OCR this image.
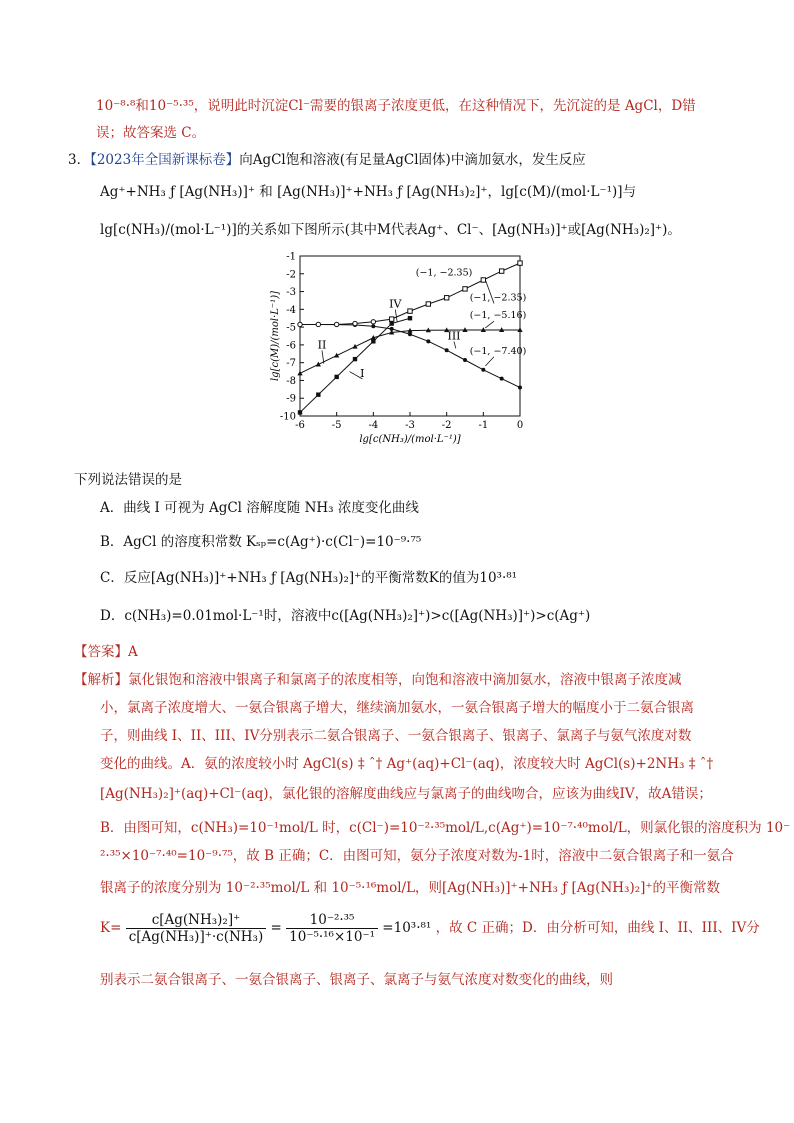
10⁻⁸·⁸和10⁻⁵·³⁵，说明此时沉淀Cl⁻需要的银离子浓度更低，在这种情况下，先沉淀的是 AgCl，D错
误；故答案选 C。
3．【2023年全国新课标卷】向AgCl饱和溶液(有足量AgCl固体)中滴加氨水，发生反应
Ag⁺+NH₃ ƒ [Ag(NH₃)]⁺ 和 [Ag(NH₃)]⁺+NH₃ ƒ [Ag(NH₃)₂]⁺，lg[c(M)/(mol·L⁻¹)]与
lg[c(NH₃)/(mol·L⁻¹)]的关系如下图所示(其中M代表Ag⁺、Cl⁻、[Ag(NH₃)]⁺或[Ag(NH₃)₂]⁺)。
-1
-2
-3
-4
-5
-6
-7
-8
-9
-10
-6	-5	-4	-3	-2	-1	0
lg[c(NH₃)/(mol·L⁻¹)]
lg[c(M)/(mol·L⁻¹)]	I
II
III
IV
(−1, −2.35)
(−1, −2.35)
(−1, −5.16)
(−1, −7.40)
下列说法错误的是
A．曲线 I 可视为 AgCl 溶解度随 NH₃ 浓度变化曲线
B．AgCl 的溶度积常数 Kₛₚ=c(Ag⁺)·c(Cl⁻)=10⁻⁹·⁷⁵
C．反应[Ag(NH₃)]⁺+NH₃ ƒ [Ag(NH₃)₂]⁺的平衡常数K的值为10³·⁸¹
D．c(NH₃)=0.01mol·L⁻¹时，溶液中c([Ag(NH₃)₂]⁺)>c([Ag(NH₃)]⁺)>c(Ag⁺)
【答案】A
【解析】氯化银饱和溶液中银离子和氯离子的浓度相等，向饱和溶液中滴加氨水，溶液中银离子浓度减
小，氯离子浓度增大、一氨合银离子增大，继续滴加氨水，一氨合银离子增大的幅度小于二氨合银离
子，则曲线 I、II、III、IV分别表示二氨合银离子、一氨合银离子、银离子、氯离子与氨气浓度对数
变化的曲线。A．氨的浓度较小时 AgCl(s) ‡ ˆ† Ag⁺(aq)+Cl⁻(aq)，浓度较大时 AgCl(s)+2NH₃ ‡ ˆ†
[Ag(NH₃)₂]⁺(aq)+Cl⁻(aq)，氯化银的溶解度曲线应与氯离子的曲线吻合，应该为曲线IV，故A错误；
B．由图可知，c(NH₃)=10⁻¹mol/L 时，c(Cl⁻)=10⁻²·³⁵mol/L,c(Ag⁺)=10⁻⁷·⁴⁰mol/L，则氯化银的溶度积为 10⁻
²·³⁵×10⁻⁷·⁴⁰=10⁻⁹·⁷⁵，故 B 正确；C．由图可知，氨分子浓度对数为-1时，溶液中二氨合银离子和一氨合
银离子的浓度分别为 10⁻²·³⁵mol/L 和 10⁻⁵·¹⁶mol/L，则[Ag(NH₃)]⁺+NH₃ ƒ [Ag(NH₃)₂]⁺的平衡常数
$K= \frac{\text{c[Ag(NH₃)₂]⁺}}{\text{c[Ag(NH₃)]⁺·c(NH₃)}} = \frac{\text{10⁻²·³⁵}}{\text{10⁻⁵·¹⁶×10⁻¹}} =10^3\cdot^{81}$ ，故 C 正确；D．由分析可知，曲线 I、II、III、IV分
别表示二氨合银离子、一氨合银离子、银离子、氯离子与氨气浓度对数变化的曲线，则
